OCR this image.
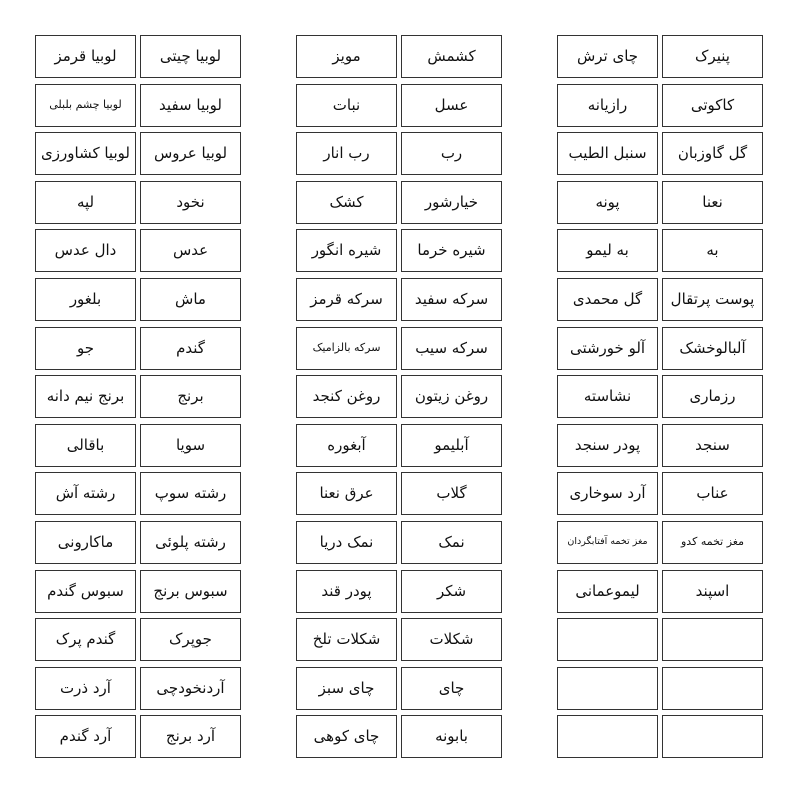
لوبیا چیتی
لوبیا قرمز
لوبیا سفید
لوبیا چشم بلبلی
لوبیا عروس
لوبیا کشاورزی
نخود
لپه
عدس
دال عدس
ماش
بلغور
گندم
جو
برنج
برنج نیم دانه
سویا
باقالی
رشته سوپ
رشته آش
رشته پلوئی
ماکارونی
سبوس برنج
سبوس گندم
جوپرک
گندم پرک
آردنخودچی
آرد ذرت
آرد برنج
آرد گندم
کشمش
مویز
عسل
نبات
رب
رب انار
خیارشور
کشک
شیره خرما
شیره انگور
سرکه سفید
سرکه قرمز
سرکه سیب
سرکه بالزامیک
روغن زیتون
روغن کنجد
آبلیمو
آبغوره
گلاب
عرق نعنا
نمک
نمک دریا
شکر
پودر قند
شکلات
شکلات تلخ
چای
چای سبز
بابونه
چای کوهی
پنیرک
چای ترش
کاکوتی
رازیانه
گل گاوزبان
سنبل الطیب
نعنا
پونه
به
به لیمو
پوست پرتقال
گل محمدی
آلبالوخشک
آلو خورشتی
رزماری
نشاسته
سنجد
پودر سنجد
عناب
آرد سوخاری
مغز تخمه کدو
مغز تخمه آفتابگردان
اسپند
لیموعمانی
